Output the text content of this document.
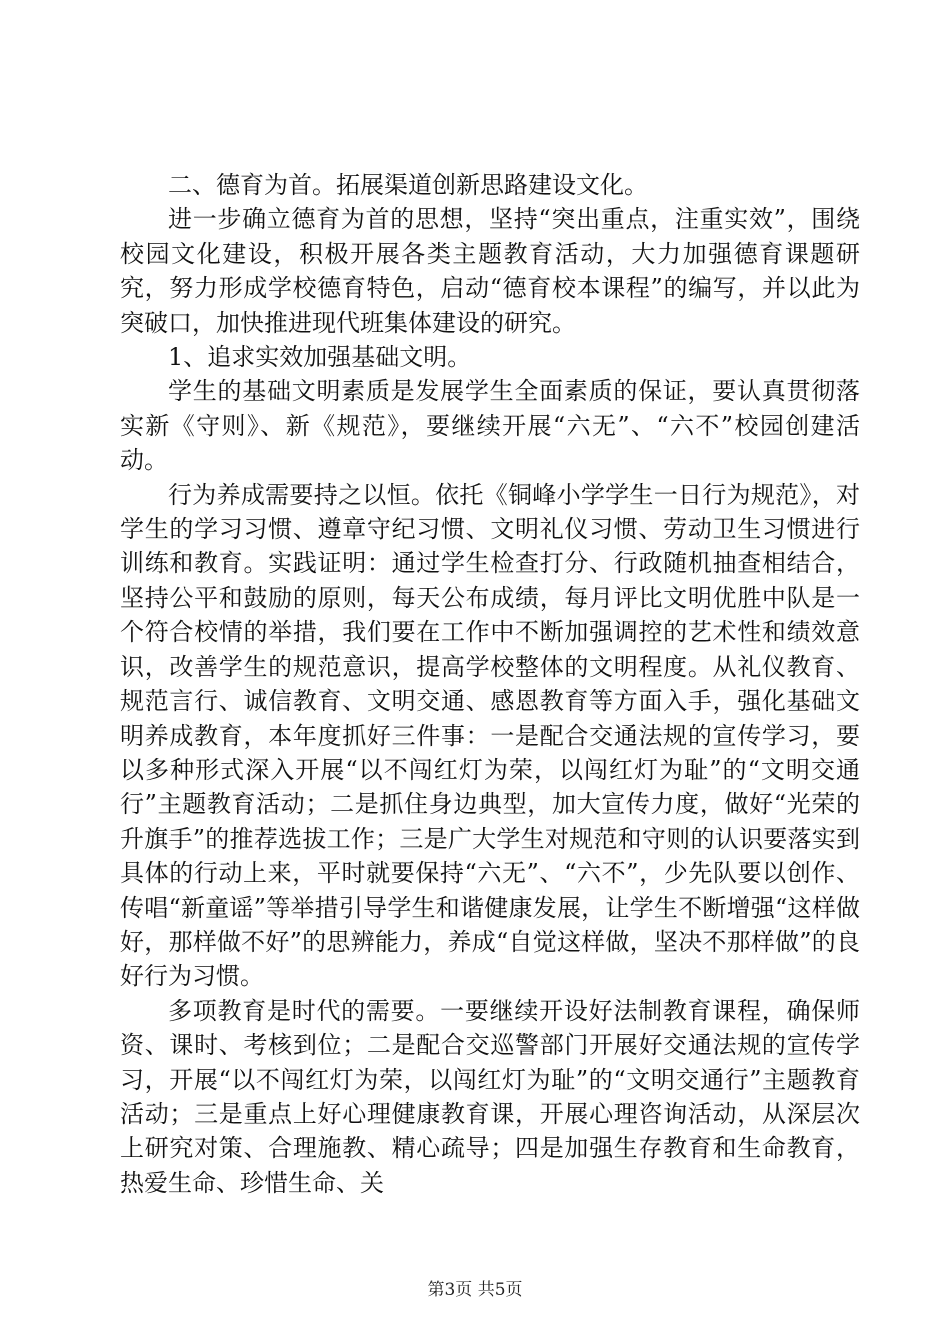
二、德育为首。拓展渠道创新思路建设文化。

进一步确立德育为首的思想，坚持“突出重点，注重实效”，围绕校园文化建设，积极开展各类主题教育活动，大力加强德育课题研究，努力形成学校德育特色，启动“德育校本课程”的编写，并以此为突破口，加快推进现代班集体建设的研究。

1、追求实效加强基础文明。

学生的基础文明素质是发展学生全面素质的保证，要认真贯彻落实新《守则》、新《规范》，要继续开展“六无”、“六不”校园创建活动。

行为养成需要持之以恒。依托《铜峰小学学生一日行为规范》，对学生的学习习惯、遵章守纪习惯、文明礼仪习惯、劳动卫生习惯进行训练和教育。实践证明：通过学生检查打分、行政随机抽查相结合，坚持公平和鼓励的原则，每天公布成绩，每月评比文明优胜中队是一个符合校情的举措，我们要在工作中不断加强调控的艺术性和绩效意识，改善学生的规范意识，提高学校整体的文明程度。从礼仪教育、规范言行、诚信教育、文明交通、感恩教育等方面入手，强化基础文明养成教育，本年度抓好三件事：一是配合交通法规的宣传学习，要以多种形式深入开展“以不闯红灯为荣，以闯红灯为耻”的“文明交通行”主题教育活动；二是抓住身边典型，加大宣传力度，做好“光荣的升旗手”的推荐选拔工作；三是广大学生对规范和守则的认识要落实到具体的行动上来，平时就要保持“六无”、“六不”，少先队要以创作、传唱“新童谣”等举措引导学生和谐健康发展，让学生不断增强“这样做好，那样做不好”的思辨能力，养成“自觉这样做，坚决不那样做”的良好行为习惯。

多项教育是时代的需要。一要继续开设好法制教育课程，确保师资、课时、考核到位；二是配合交巡警部门开展好交通法规的宣传学习，开展“以不闯红灯为荣，以闯红灯为耻”的“文明交通行”主题教育活动；三是重点上好心理健康教育课，开展心理咨询活动，从深层次上研究对策、合理施教、精心疏导；四是加强生存教育和生命教育，热爱生命、珍惜生命、关

第3页 共5页
